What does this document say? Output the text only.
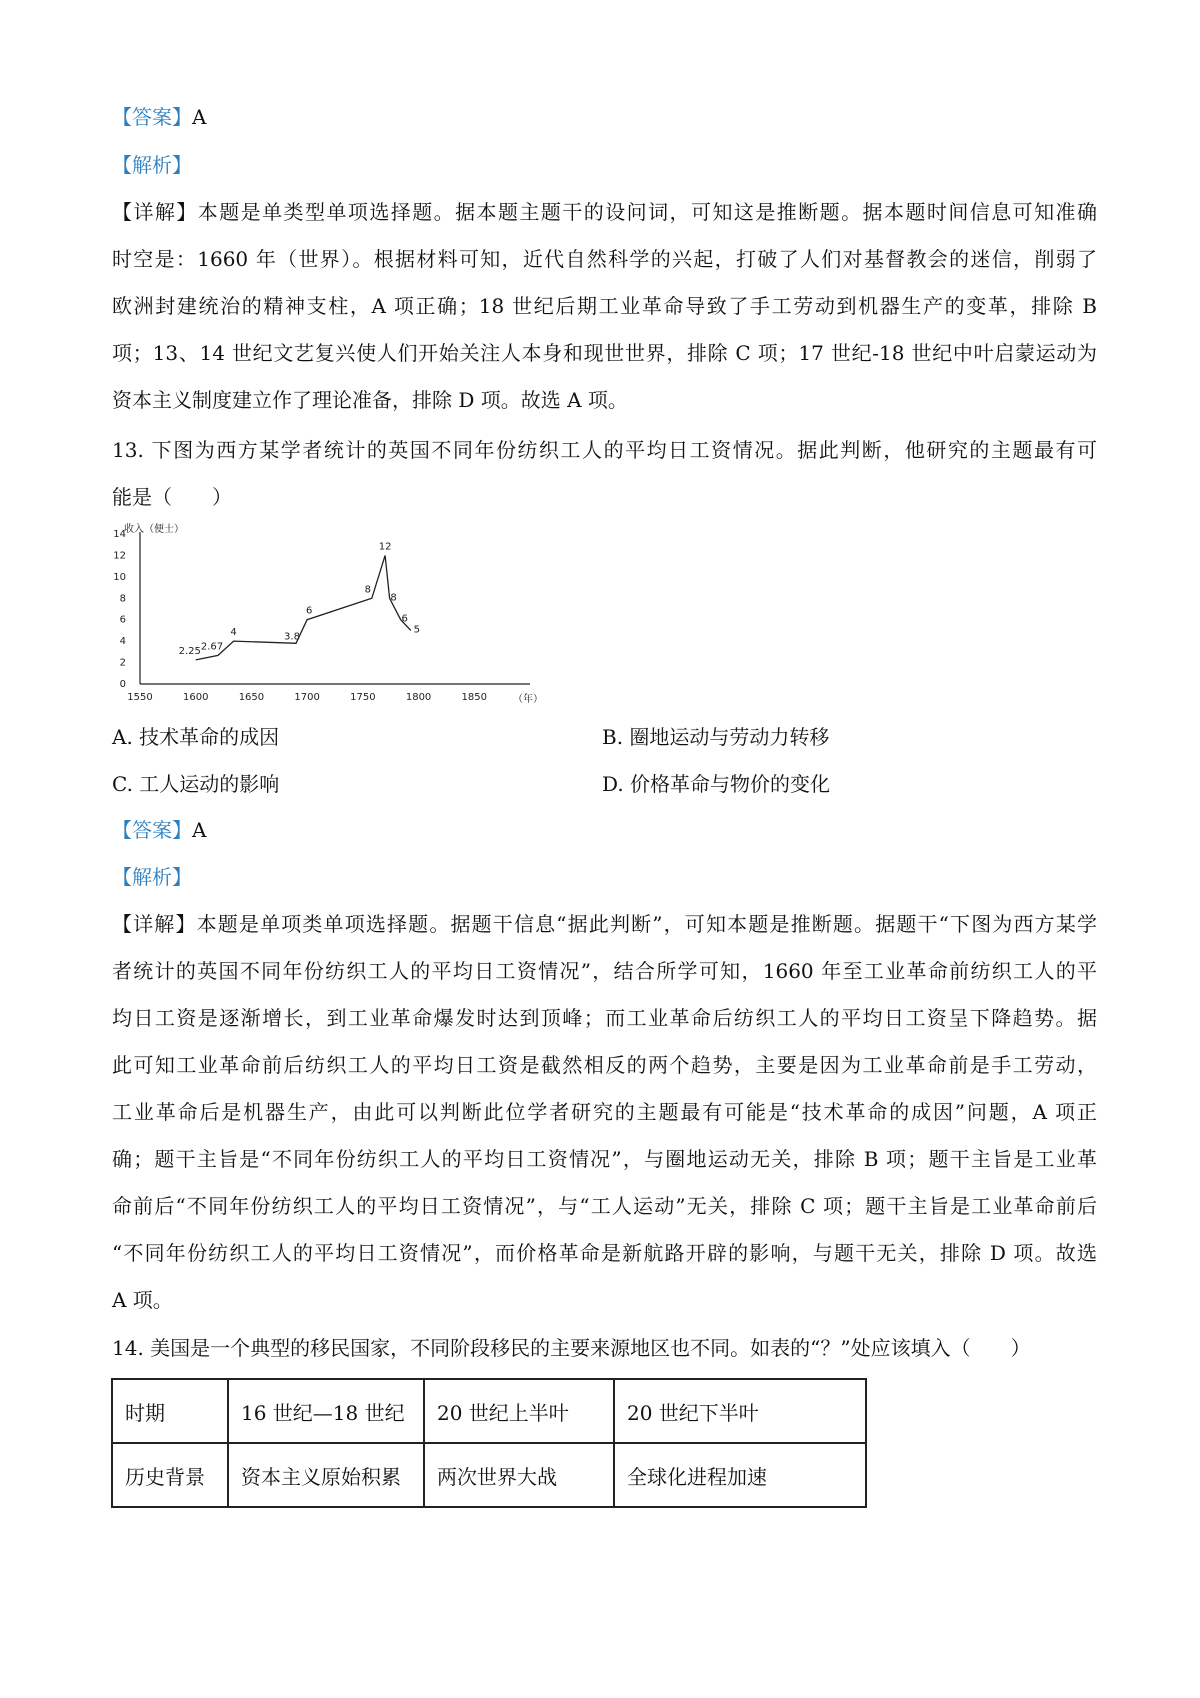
【答案】A
【解析】
【详解】本题是单类型单项选择题。据本题主题干的设问词，可知这是推断题。据本题时间信息可知准确
时空是：1660 年（世界）。根据材料可知，近代自然科学的兴起，打破了人们对基督教会的迷信，削弱了
欧洲封建统治的精神支柱，A 项正确；18 世纪后期工业革命导致了手工劳动到机器生产的变革，排除 B
项；13、14 世纪文艺复兴使人们开始关注人本身和现世世界，排除 C 项；17 世纪-18 世纪中叶启蒙运动为
资本主义制度建立作了理论准备，排除 D 项。故选 A 项。
13. 下图为西方某学者统计的英国不同年份纺织工人的平均日工资情况。据此判断，他研究的主题最有可
能是（　　）
0
2
4
6
8
10
12
14
1550	1600	1650	1700	1750	1800	1850
2.25 2.67
4	3.8
6
8
12
8
6
5
收入（便士）
（年）
A. 技术革命的成因	B. 圈地运动与劳动力转移
C. 工人运动的影响	D. 价格革命与物价的变化
【答案】A
【解析】
【详解】本题是单项类单项选择题。据题干信息“据此判断”，可知本题是推断题。据题干“下图为西方某学
者统计的英国不同年份纺织工人的平均日工资情况”，结合所学可知，1660 年至工业革命前纺织工人的平
均日工资是逐渐增长，到工业革命爆发时达到顶峰；而工业革命后纺织工人的平均日工资呈下降趋势。据
此可知工业革命前后纺织工人的平均日工资是截然相反的两个趋势，主要是因为工业革命前是手工劳动，
工业革命后是机器生产，由此可以判断此位学者研究的主题最有可能是“技术革命的成因”问题，A 项正
确；题干主旨是“不同年份纺织工人的平均日工资情况”，与圈地运动无关，排除 B 项；题干主旨是工业革
命前后“不同年份纺织工人的平均日工资情况”，与“工人运动”无关，排除 C 项；题干主旨是工业革命前后
“不同年份纺织工人的平均日工资情况”，而价格革命是新航路开辟的影响，与题干无关，排除 D 项。故选
A 项。
14. 美国是一个典型的移民国家，不同阶段移民的主要来源地区也不同。如表的“？”处应该填入（　　）
时期	16 世纪—18 世纪	20 世纪上半叶	20 世纪下半叶
历史背景	资本主义原始积累	两次世界大战	全球化进程加速
